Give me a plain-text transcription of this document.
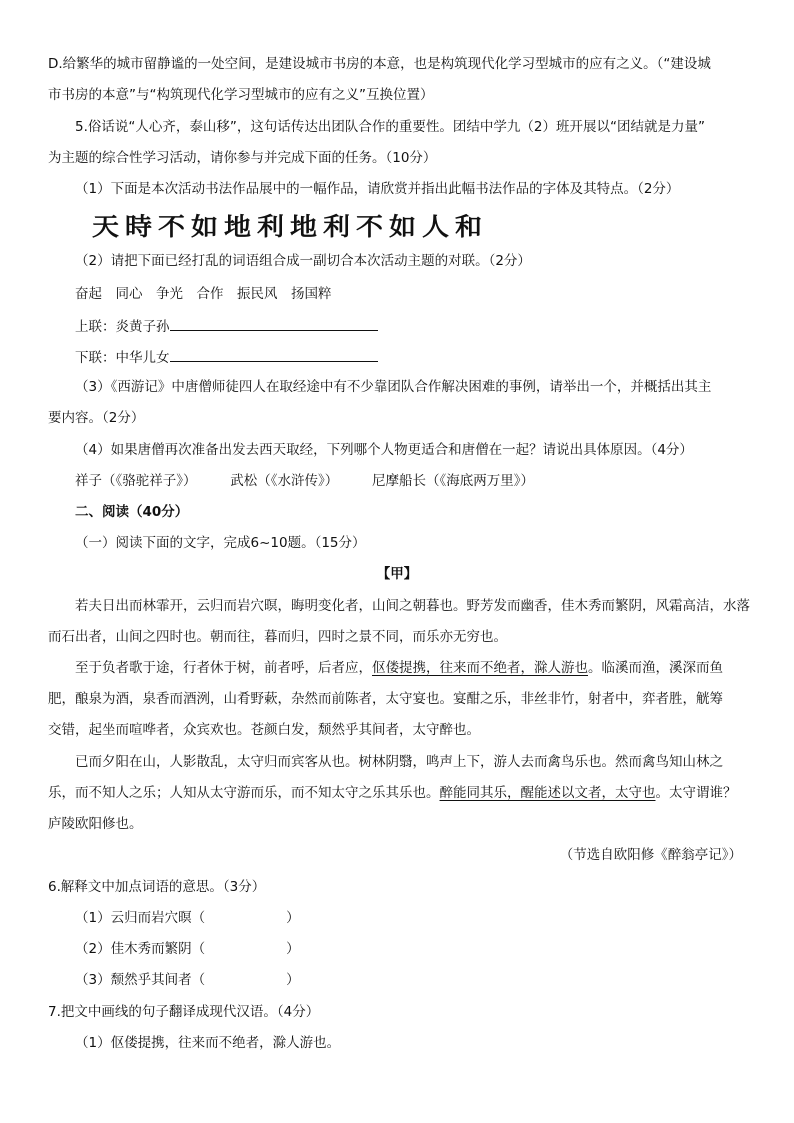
D.给繁华的城市留静谧的一处空间，是建设城市书房的本意，也是构筑现代化学习型城市的应有之义。（“建设城
市书房的本意”与“构筑现代化学习型城市的应有之义”互换位置）
5.俗话说“人心齐，泰山移”，这句话传达出团队合作的重要性。团结中学九（2）班开展以“团结就是力量”
为主题的综合性学习活动，请你参与并完成下面的任务。（10分）
（1）下面是本次活动书法作品展中的一幅作品，请欣赏并指出此幅书法作品的字体及其特点。（2分）
天時不如地利地利不如人和
（2）请把下面已经打乱的词语组合成一副切合本次活动主题的对联。（2分）
奋起　同心　争光　合作　振民风　扬国粹
上联：炎黄子孙
下联：中华儿女
（3）《西游记》中唐僧师徒四人在取经途中有不少靠团队合作解决困难的事例，请举出一个，并概括出其主
要内容。（2分）
（4）如果唐僧再次准备出发去西天取经，下列哪个人物更适合和唐僧在一起？请说出具体原因。（4分）
祥子（《骆驼祥子》）　　　武松（《水浒传》）　　　尼摩船长（《海底两万里》）
二、阅读（40分）
（一）阅读下面的文字，完成6~10题。（15分）
【甲】
若夫日出而林霏开，云归而岩穴暝，晦明变化者，山间之朝暮也。野芳发而幽香，佳木秀而繁阴，风霜高洁，水落
而石出者，山间之四时也。朝而往，暮而归，四时之景不同，而乐亦无穷也。
至于负者歌于途，行者休于树，前者呼，后者应，伛偻提携，往来而不绝者，滁人游也。临溪而渔，溪深而鱼
肥，酿泉为酒，泉香而酒洌，山肴野蔌，杂然而前陈者，太守宴也。宴酣之乐，非丝非竹，射者中，弈者胜，觥筹
交错，起坐而喧哗者，众宾欢也。苍颜白发，颓然乎其间者，太守醉也。
已而夕阳在山，人影散乱，太守归而宾客从也。树林阴翳，鸣声上下，游人去而禽鸟乐也。然而禽鸟知山林之
乐，而不知人之乐；人知从太守游而乐，而不知太守之乐其乐也。醉能同其乐，醒能述以文者，太守也。太守谓谁？
庐陵欧阳修也。
（节选自欧阳修《醉翁亭记》）
6.解释文中加点词语的意思。（3分）
（1）云归而岩穴暝（　　　　　　）
（2）佳木秀而繁阴（　　　　　　）
（3）颓然乎其间者（　　　　　　）
7.把文中画线的句子翻译成现代汉语。（4分）
（1）伛偻提携，往来而不绝者，滁人游也。
